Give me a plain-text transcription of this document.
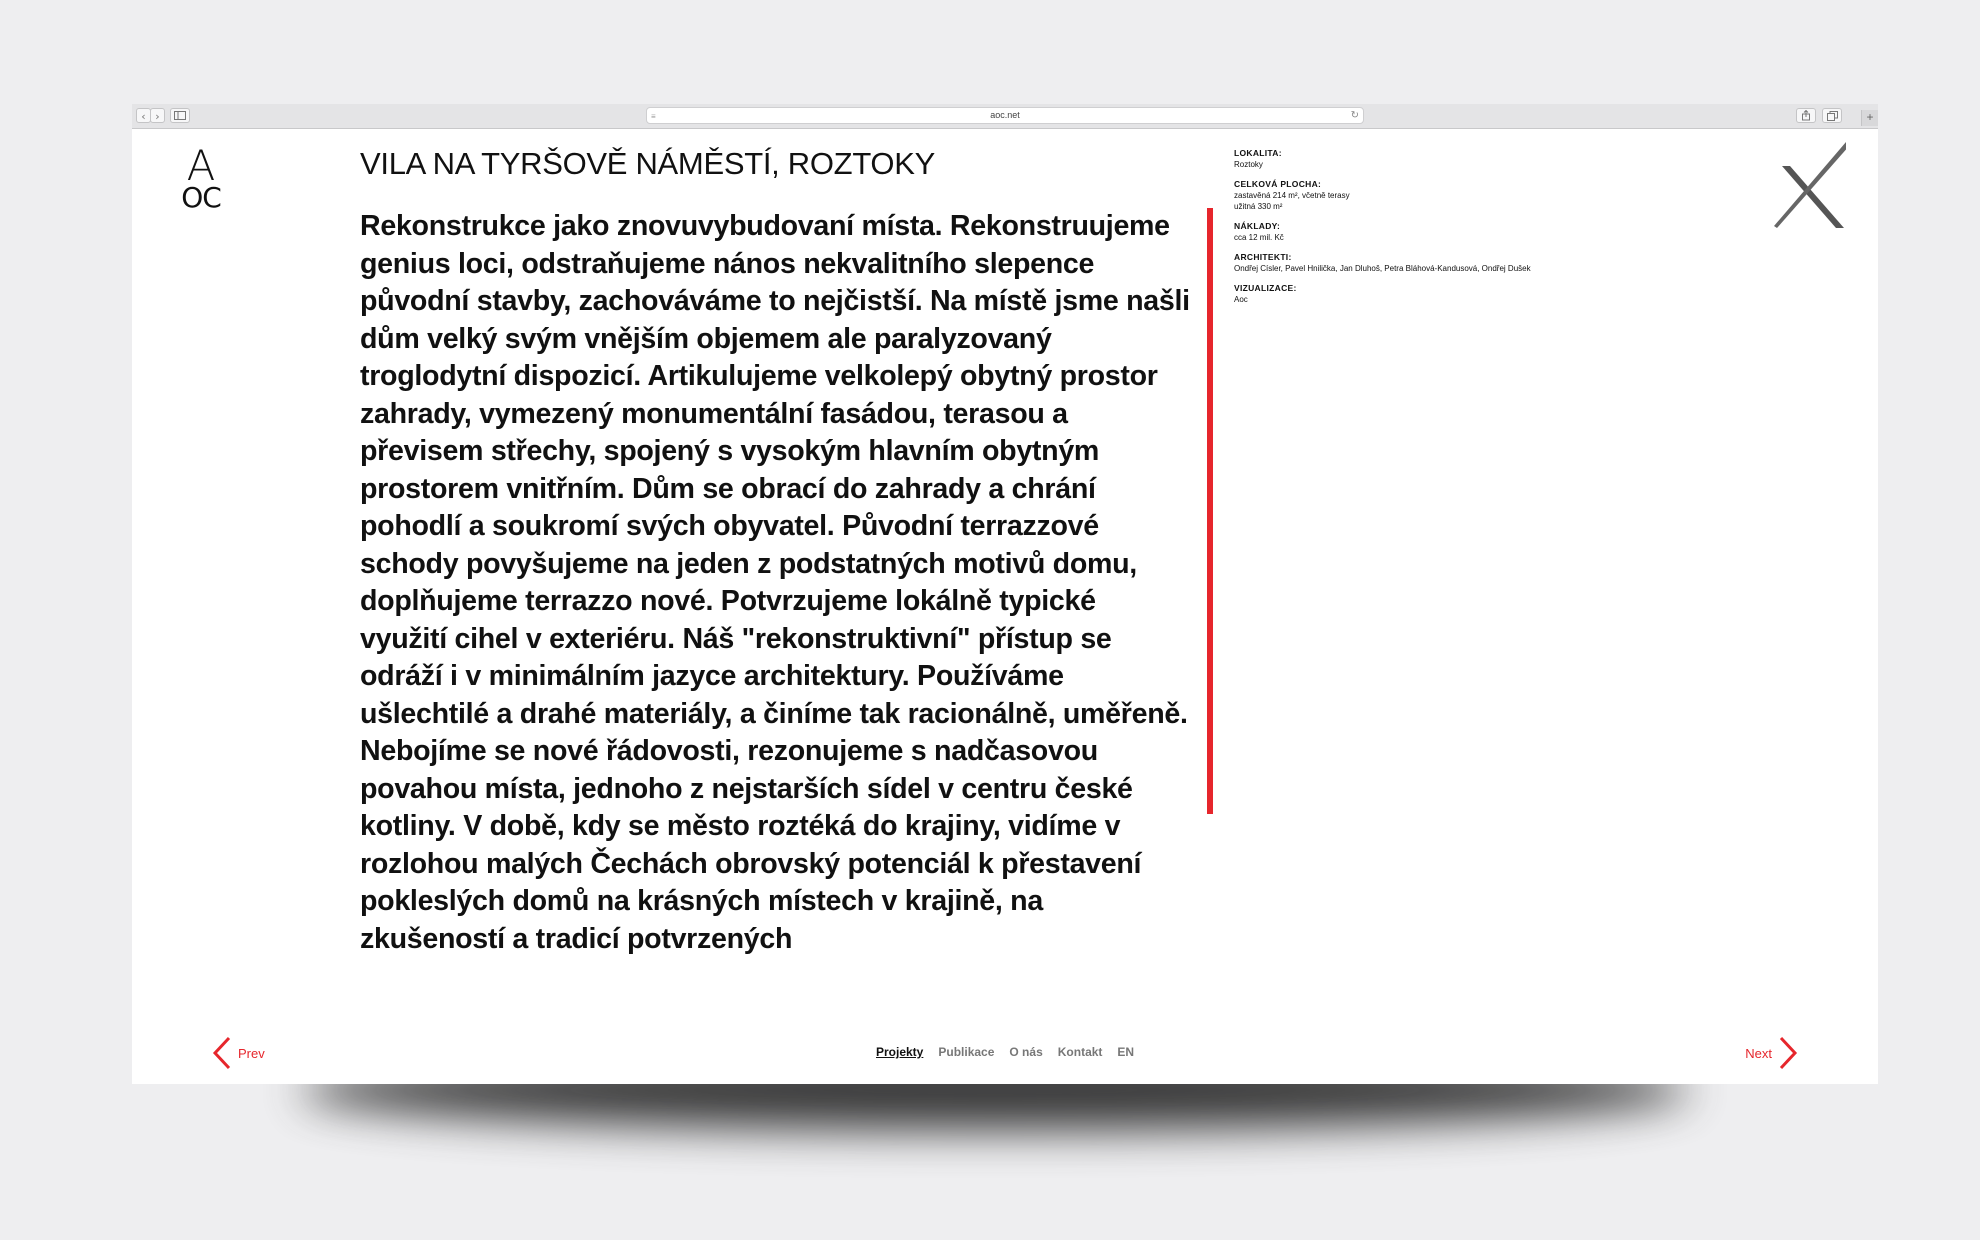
‹ ›	≡	aoc.net	↻	+
A
OC
VILA NA TYRŠOVĚ NÁMĚSTÍ, ROZTOKY

Rekonstrukce jako znovuvybudovaní místa. Rekonstruujeme genius loci, odstraňujeme nános nekvalitního slepence původní stavby, zachováváme to nejčistší. Na místě jsme našli dům velký svým vnějším objemem ale paralyzovaný troglodytní dispozicí. Artikulujeme velkolepý obytný prostor zahrady, vymezený monumentální fasádou, terasou a převisem střechy, spojený s vysokým hlavním obytným prostorem vnitřním. Dům se obrací do zahrady a chrání pohodlí a soukromí svých obyvatel. Původní terrazzové schody povyšujeme na jeden z podstatných motivů domu, doplňujeme terrazzo nové. Potvrzujeme lokálně typické využití cihel v exteriéru. Náš "rekonstruktivní" přístup se odráží i v minimálním jazyce architektury. Používáme ušlechtilé a drahé materiály, a činíme tak racionálně, uměřeně. Nebojíme se nové řádovosti, rezonujeme s nadčasovou povahou místa, jednoho z nejstarších sídel v centru české kotliny. V době, kdy se město roztéká do krajiny, vidíme v rozlohou malých Čechách obrovský potenciál k přestavení pokleslých domů na krásných místech v krajině, na zkušeností a tradicí potvrzených

LOKALITA:
Roztoky
CELKOVÁ PLOCHA:
zastavěná 214 m², včetně terasy
užitná 330 m²
NÁKLADY:
cca 12 mil. Kč
ARCHITEKTI:
Ondřej Císler, Pavel Hnilička, Jan Dluhoš, Petra Bláhová-Kandusová, Ondřej Dušek
VIZUALIZACE:
Aoc
Prev	Projekty Publikace O nás Kontakt EN	Next
